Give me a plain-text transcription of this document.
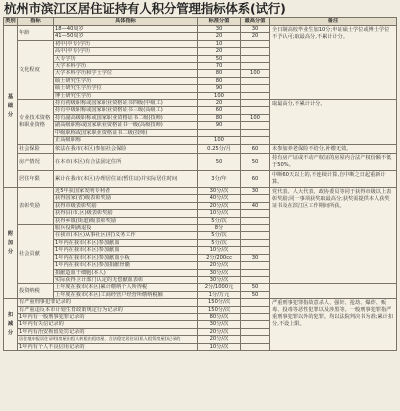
杭州市滨江区居住证持有人积分管理指标体系(试行)
类别	指标	具体指标	标准分值	最高分值	备注
基础分	年龄	18—40周岁	30	30	全日制高校毕业生加10分;申证硕士学位或博士学位不予认可;取最高分,不累计计分。
		41—50周岁	20	20	
	文化程度	初中(中专)学历	10		
		高中(中专)学历	20		
		大专学历	50		
		大学本科学历	70		
		大学本科学历和学士学位	80	100	
		硕士研究生学历	80		
		硕士研究生学历学位	90		
		博士研究生学历	100		
	专业技术资格和职业资格	持有初级职称或国家职业资格证书四级(中级工)	20		取最高分,不累计计分。
		持有中级职称或国家职业资格证书三级(高级工)	60		
		持有副高级职称或国家职业资格证书二级(技师)	80	100	
		副高级职称或国家职业资格证书一级(高级技师)	90		
		中级职称或国家职业资格证书二级(技师)			
		正高级职称	100		
	社会保险	依法在我市(本区)参加社会保险	0.25分/月	60	未参加养老保险不给分,补缴无效。
	房产情况	在本市(本区)有合法固定住所	50	50	持有房产证或不动产权证的房屋内合法产权份额不低于50%。
	居住年限	累计在我市(本区)办理居住证(暂住证)并实际居住时间	3分/年	60	中断60天以上的,不连续计算,自中断之日起重新计算。
附加分	表彰奖励	近5年获国家发明专利者	30分/次	30	党代表、人大代表、政协委员等同于获得市级以上表彰奖励;同一事项获奖取最高分;获奖需提供本人获奖证书及在滨江区工作期间所获。
		获得国家(省)级表彰奖励	40分/次		
		获得市级表彰奖励	20分/次	40	
		获得县(市,区)级表彰奖励	10分/次		
		获得乡镇(街道)级表彰奖励	5分/次		
	社会贡献	服兵役期满退役	8分		
		在我市(本区)从事社区(村)义务工作	5分/次		
		1年内在我市(本区)参加献血	5分/次		
		1年内在我市(本区)参加献血	10分/次		
		1年内在我市(本区)参加献血小板	2分/200cc	30	
		1年内在我市(本区)参加捐献骨髓	20分/次		
		捐献造血干细胞(本人)	30分/次		
		实际获得卫计部门认定的无偿献血表彰	30分/次		
	投资纳税	上年度在我市(本区)累计缴纳个人所得税	2分/1000元	50	
		上年度在我市(本区)工商经营户经营所缴纳税额	1分/万元	50	
扣减分	有严重刑事犯罪记录的		150分/次		严重刑事犯罪指故意杀人、强奸、抢劫、爆炸、贩毒、投毒等恶性犯罪以及涉黑等。一般刑事犯罪指严重刑事犯罪以外的犯罪。均以法院判决书为准;累计扣分,不设上限。
	有严重违反本市计划生育政策规定行为记录的		150分/次		
	1年内有一般刑事犯罪记录的		80分/次		
	1年内有失信记录的		30分/次		
	1年内有治安拘留处罚记录的		20分/次		
	居住地申报居住证明(房屋出租人转租出租房屋、合法稳定居住证(私人租赁房屋))记录的		20分/次		
	1年内有个人不良信用记录的		10分/次		
